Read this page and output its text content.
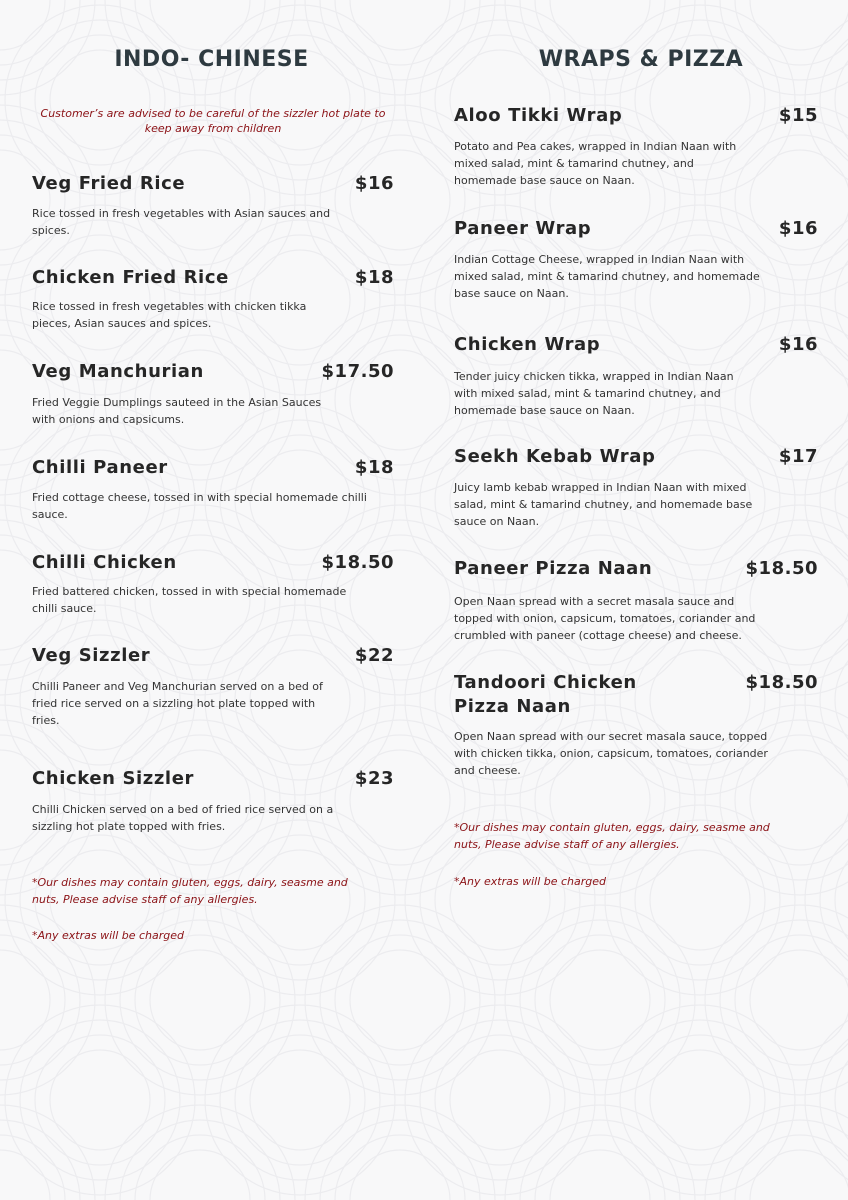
INDO- CHINESE
Customer’s are advised to be careful of the sizzler hot plate to keep away from children
Veg Fried Rice	$16
Rice tossed in fresh vegetables with Asian sauces and spices.
Chicken Fried Rice	$18
Rice tossed in fresh vegetables with chicken tikka pieces, Asian sauces and spices.
Veg Manchurian	$17.50
Fried Veggie Dumplings sauteed in the Asian Sauces with onions and capsicums.
Chilli Paneer	$18
Fried cottage cheese, tossed in with special homemade chilli sauce.
Chilli Chicken	$18.50
Fried battered chicken, tossed in with special homemade chilli sauce.
Veg Sizzler	$22
Chilli Paneer and Veg Manchurian served on a bed of fried rice served on a sizzling hot plate topped with fries.
Chicken Sizzler	$23
Chilli Chicken served on a bed of fried rice served on a sizzling hot plate topped with fries.
*Our dishes may contain gluten, eggs, dairy, seasme and nuts, Please advise staff of any allergies.
*Any extras will be charged
WRAPS & PIZZA
Aloo Tikki Wrap	$15
Potato and Pea cakes, wrapped in Indian Naan with mixed salad, mint & tamarind chutney, and homemade base sauce on Naan.
Paneer Wrap	$16
Indian Cottage Cheese, wrapped in Indian Naan with mixed salad, mint & tamarind chutney, and homemade base sauce on Naan.
Chicken Wrap	$16
Tender juicy chicken tikka, wrapped in Indian Naan with mixed salad, mint & tamarind chutney, and homemade base sauce on Naan.
Seekh Kebab Wrap	$17
Juicy lamb kebab wrapped in Indian Naan with mixed salad, mint & tamarind chutney, and homemade base sauce on Naan.
Paneer Pizza Naan	$18.50
Open Naan spread with a secret masala sauce and topped with onion, capsicum, tomatoes, coriander and crumbled with paneer (cottage cheese) and cheese.
Tandoori Chicken Pizza Naan
$18.50
Open Naan spread with our secret masala sauce, topped with chicken tikka, onion, capsicum, tomatoes, coriander and cheese.
*Our dishes may contain gluten, eggs, dairy, seasme and nuts, Please advise staff of any allergies.
*Any extras will be charged
